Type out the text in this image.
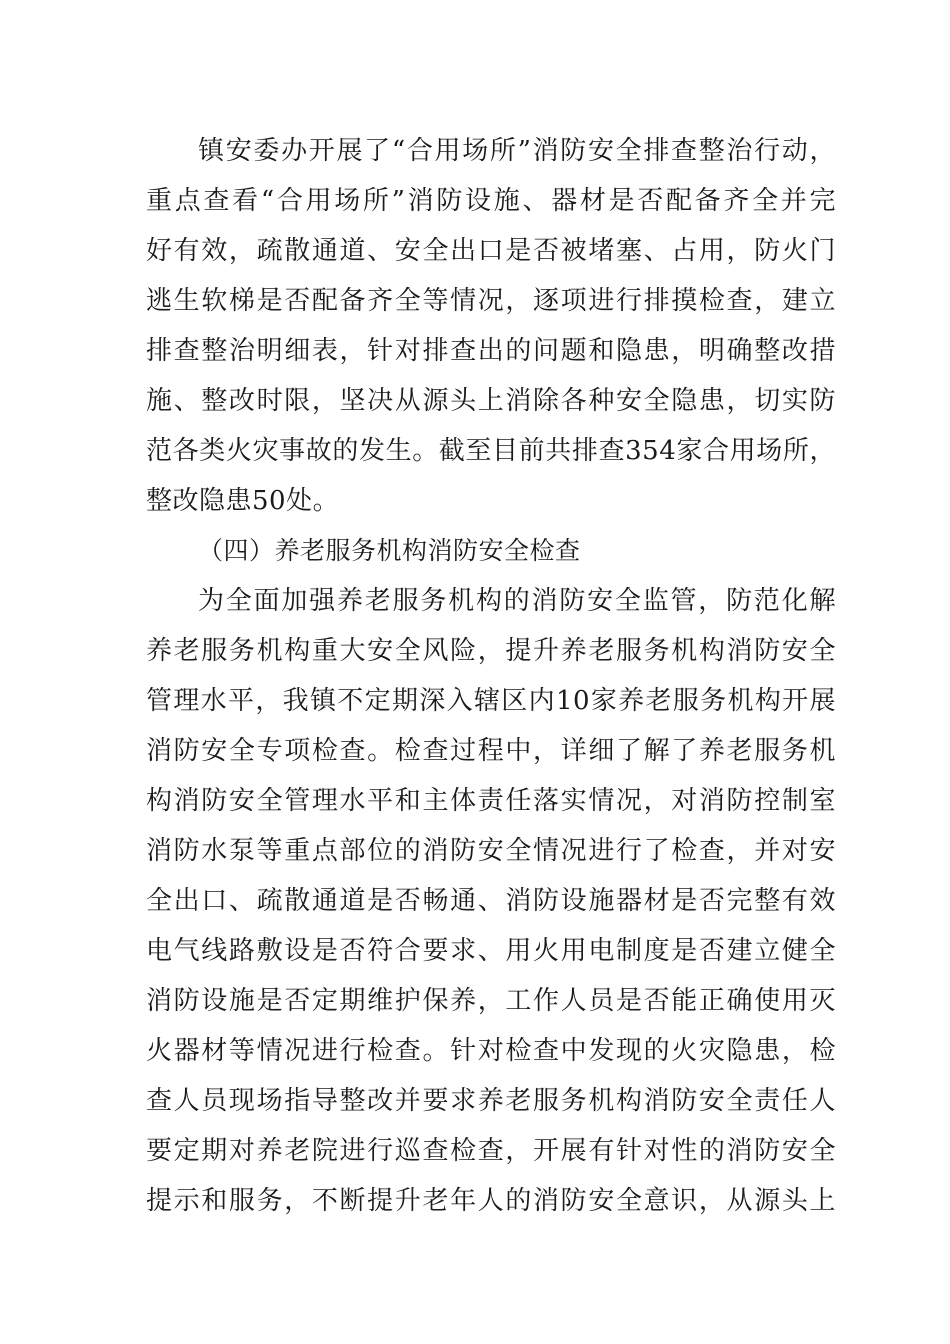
镇安委办开展了“合用场所”消防安全排查整治行动，
重点查看“合用场所”消防设施、器材是否配备齐全并完
好有效，疏散通道、安全出口是否被堵塞、占用，防火门
逃生软梯是否配备齐全等情况，逐项进行排摸检查，建立
排查整治明细表，针对排查出的问题和隐患，明确整改措
施、整改时限，坚决从源头上消除各种安全隐患，切实防
范各类火灾事故的发生。截至目前共排查354家合用场所，
整改隐患50处。
（四）养老服务机构消防安全检查
为全面加强养老服务机构的消防安全监管，防范化解
养老服务机构重大安全风险，提升养老服务机构消防安全
管理水平，我镇不定期深入辖区内10家养老服务机构开展
消防安全专项检查。检查过程中，详细了解了养老服务机
构消防安全管理水平和主体责任落实情况，对消防控制室
消防水泵等重点部位的消防安全情况进行了检查，并对安
全出口、疏散通道是否畅通、消防设施器材是否完整有效
电气线路敷设是否符合要求、用火用电制度是否建立健全
消防设施是否定期维护保养，工作人员是否能正确使用灭
火器材等情况进行检查。针对检查中发现的火灾隐患，检
查人员现场指导整改并要求养老服务机构消防安全责任人
要定期对养老院进行巡查检查，开展有针对性的消防安全
提示和服务，不断提升老年人的消防安全意识，从源头上
